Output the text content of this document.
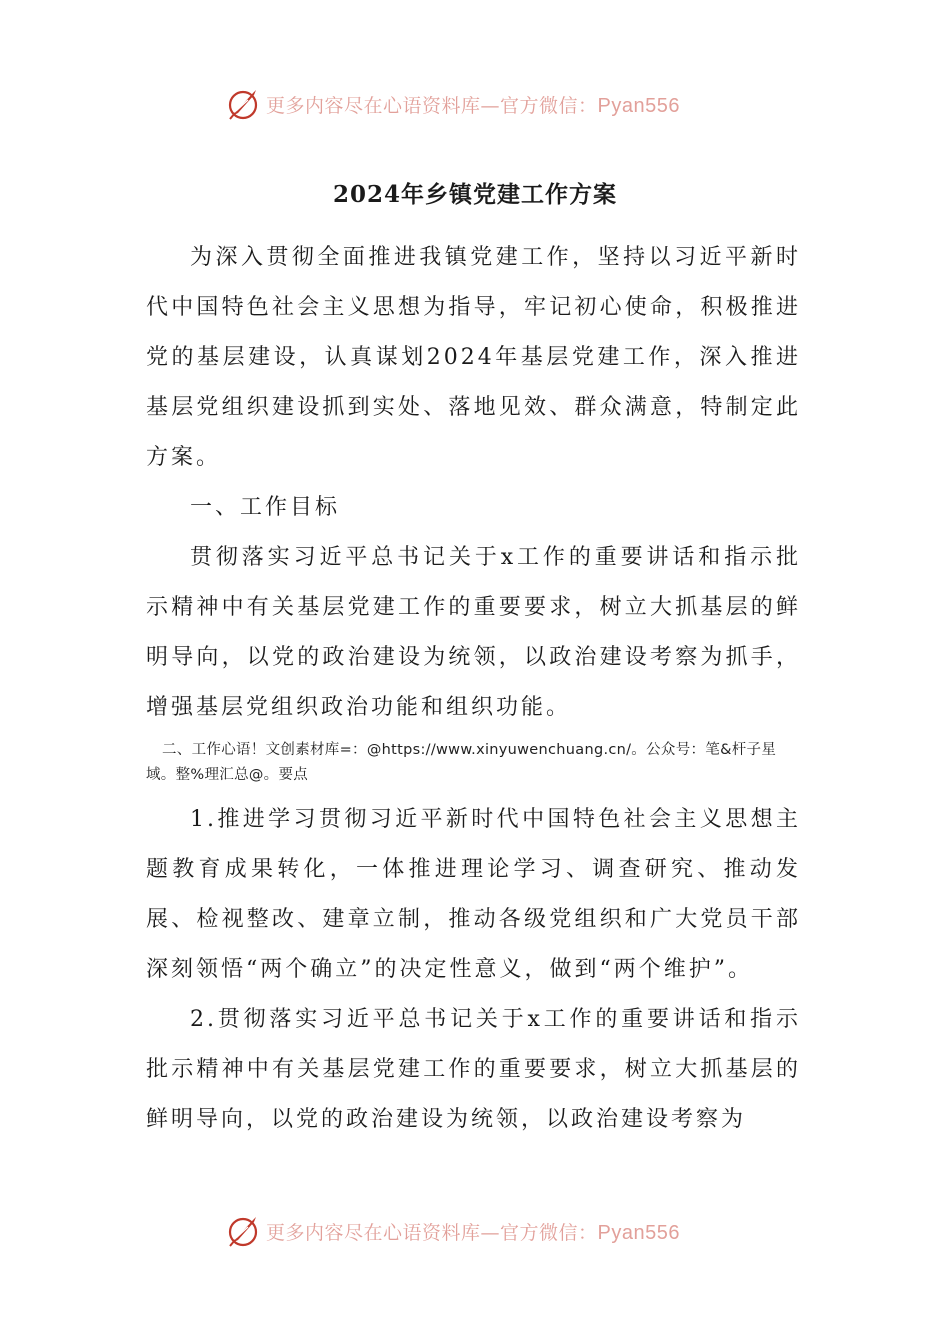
更多内容尽在心语资料库—官方微信：Pyan556
2024年乡镇党建工作方案

为深入贯彻全面推进我镇党建工作，坚持以习近平新时代中国特色社会主义思想为指导，牢记初心使命，积极推进党的基层建设，认真谋划2024年基层党建工作，深入推进基层党组织建设抓到实处、落地见效、群众满意，特制定此方案。

一、工作目标

贯彻落实习近平总书记关于x工作的重要讲话和指示批示精神中有关基层党建工作的重要要求，树立大抓基层的鲜明导向，以党的政治建设为统领，以政治建设考察为抓手，增强基层党组织政治功能和组织功能。

二、工作心语！文创素材库=：@https://www.xinyuwenchuang.cn/。公众号：笔&杆子星域。整%理汇总@。要点

1.推进学习贯彻习近平新时代中国特色社会主义思想主题教育成果转化，一体推进理论学习、调查研究、推动发展、检视整改、建章立制，推动各级党组织和广大党员干部深刻领悟“两个确立”的决定性意义，做到“两个维护”。

2.贯彻落实习近平总书记关于x工作的重要讲话和指示批示精神中有关基层党建工作的重要要求，树立大抓基层的鲜明导向，以党的政治建设为统领，以政治建设考察为

更多内容尽在心语资料库—官方微信：Pyan556
